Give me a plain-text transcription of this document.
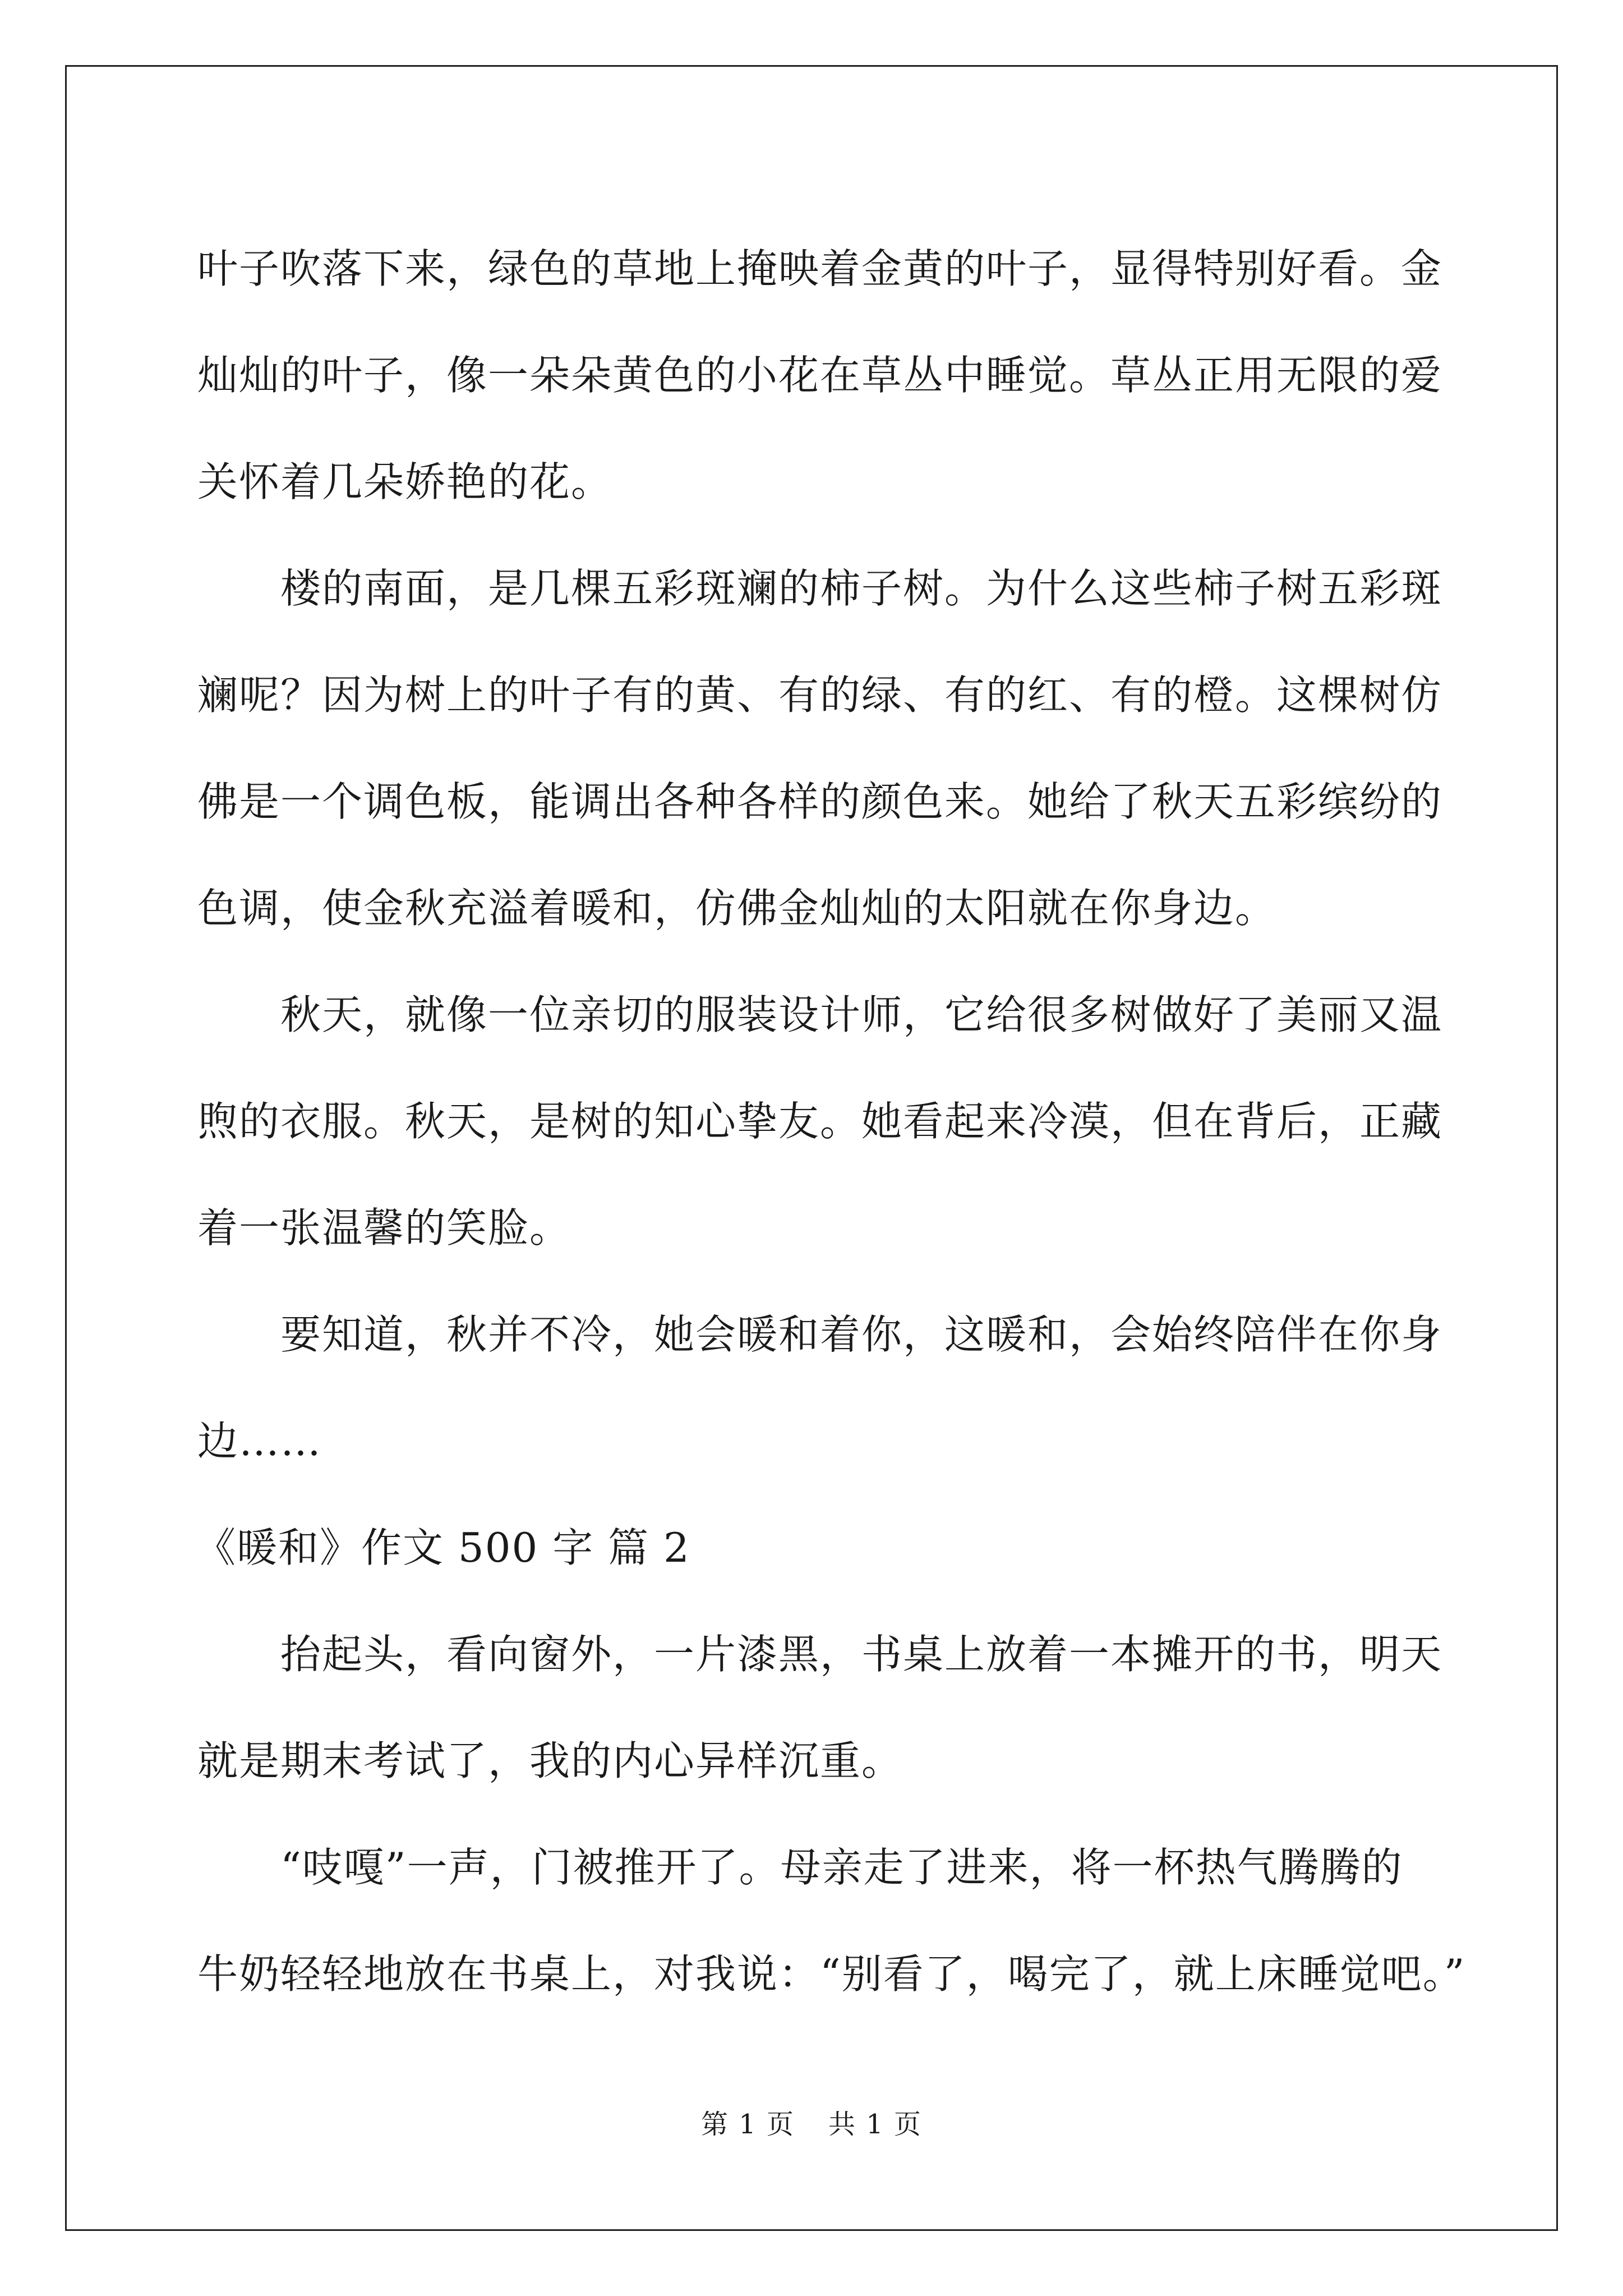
叶子吹落下来，绿色的草地上掩映着金黄的叶子，显得特别好看。金
灿灿的叶子，像一朵朵黄色的小花在草丛中睡觉。草丛正用无限的爱
关怀着几朵娇艳的花。
楼的南面，是几棵五彩斑斓的柿子树。为什么这些柿子树五彩斑
斓呢？因为树上的叶子有的黄、有的绿、有的红、有的橙。这棵树仿
佛是一个调色板，能调出各种各样的颜色来。她给了秋天五彩缤纷的
色调，使金秋充溢着暖和，仿佛金灿灿的太阳就在你身边。
秋天，就像一位亲切的服装设计师，它给很多树做好了美丽又温
煦的衣服。秋天，是树的知心挚友。她看起来冷漠，但在背后，正藏
着一张温馨的笑脸。
要知道，秋并不冷，她会暖和着你，这暖和，会始终陪伴在你身
边……
《暖和》作文 500 字 篇 2
抬起头，看向窗外，一片漆黑，书桌上放着一本摊开的书，明天
就是期末考试了，我的内心异样沉重。
“吱嘎”一声，门被推开了。母亲走了进来，将一杯热气腾腾的
牛奶轻轻地放在书桌上，对我说：“别看了，喝完了，就上床睡觉吧。”
第 1 页 共 1 页
